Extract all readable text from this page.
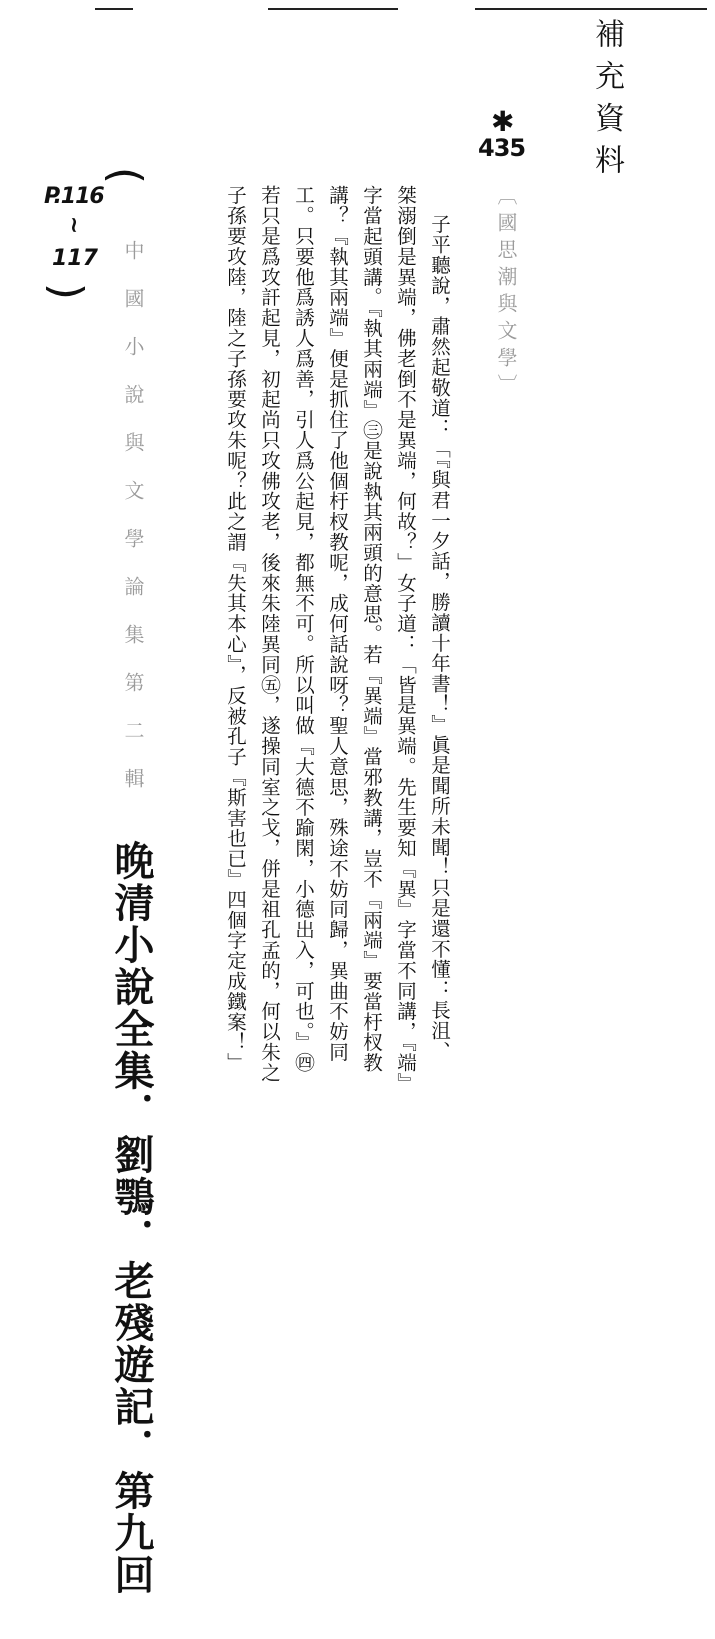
補充資料
✱
435
P.116
~
117
(
)	〔國思潮與文學〕
中國小說與文學論集第二輯	子平聽說，肅然起敬道：「『與君一夕話，勝讀十年書！』眞是聞所未聞！只是還不懂：長沮、

桀溺倒是異端，佛老倒不是異端，何故？」女子道：「皆是異端。先生要知『異』字當不同講，『端』

字當起頭講。『執其兩端』㊂是說執其兩頭的意思。若『異端』當邪教講，豈不『兩端』要當杅杈教

講？『執其兩端』便是抓住了他個杅杈教呢，成何話說呀？聖人意思，殊途不妨同歸，異曲不妨同

工。只要他爲誘人爲善，引人爲公起見，都無不可。所以叫做『大德不踰閑，小德出入，可也。』㊃

若只是爲攻訐起見，初起尚只攻佛攻老，後來朱陸異同㊄，遂操同室之戈，併是祖孔孟的，何以朱之

子孫要攻陸，陸之子孫要攻朱呢？此之謂『失其本心』，反被孔子『斯害也已』四個字定成鐵案！」

晚清小說全集．劉鶚．老殘遊記．第九回
